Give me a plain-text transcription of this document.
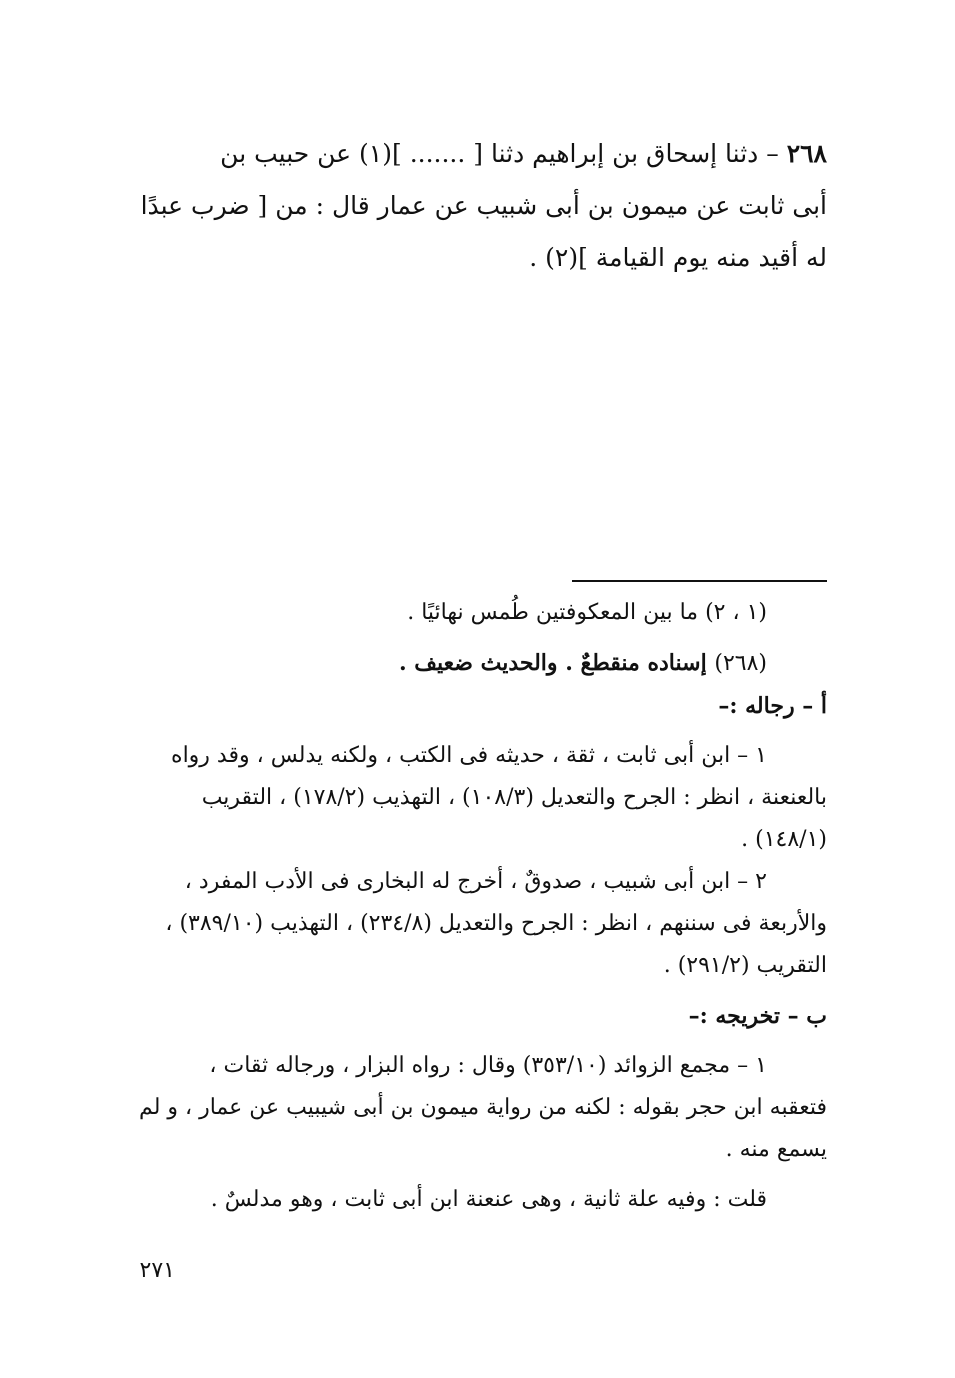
٢٦٨ – دثنا إسحاق بن إبراهيم دثنا [ ....... ](١) عن حبيب بن

أبى ثابت عن ميمون بن أبى شبيب عن عمار قال : من [ ضرب عبدًا

له أقيد منه يوم القيامة ](٢) .

(١ ، ٢) ما بين المعكوفتين طُمس نهائيًا .

(٢٦٨) إسناده منقطعٌ . والحديث ضعيف .

أ – رجاله :–

١ – ابن أبى ثابت ، ثقة ، حديثه فى الكتب ، ولكنه يدلس ، وقد رواه

بالعنعنة ، انظر : الجرح والتعديل (١٠٨/٣) ، التهذيب (١٧٨/٢) ، التقريب

(١٤٨/١) .

٢ – ابن أبى شبيب ، صدوقٌ ، أخرج له البخارى فى الأدب المفرد ،

والأربعة فى سننهم ، انظر : الجرح والتعديل (٢٣٤/٨) ، التهذيب (٣٨٩/١٠) ،

التقريب (٢٩١/٢) .

ب – تخريجه :–

١ – مجمع الزوائد (٣٥٣/١٠) وقال : رواه البزار ، ورجاله ثقات ،

فتعقبه ابن حجر بقوله : لكنه من رواية ميمون بن أبى شيبيب عن عمار ، و لم

يسمع منه .

قلت : وفيه علة ثانية ، وهى عنعنة ابن أبى ثابت ، وهو مدلسٌ .

٢٧١
